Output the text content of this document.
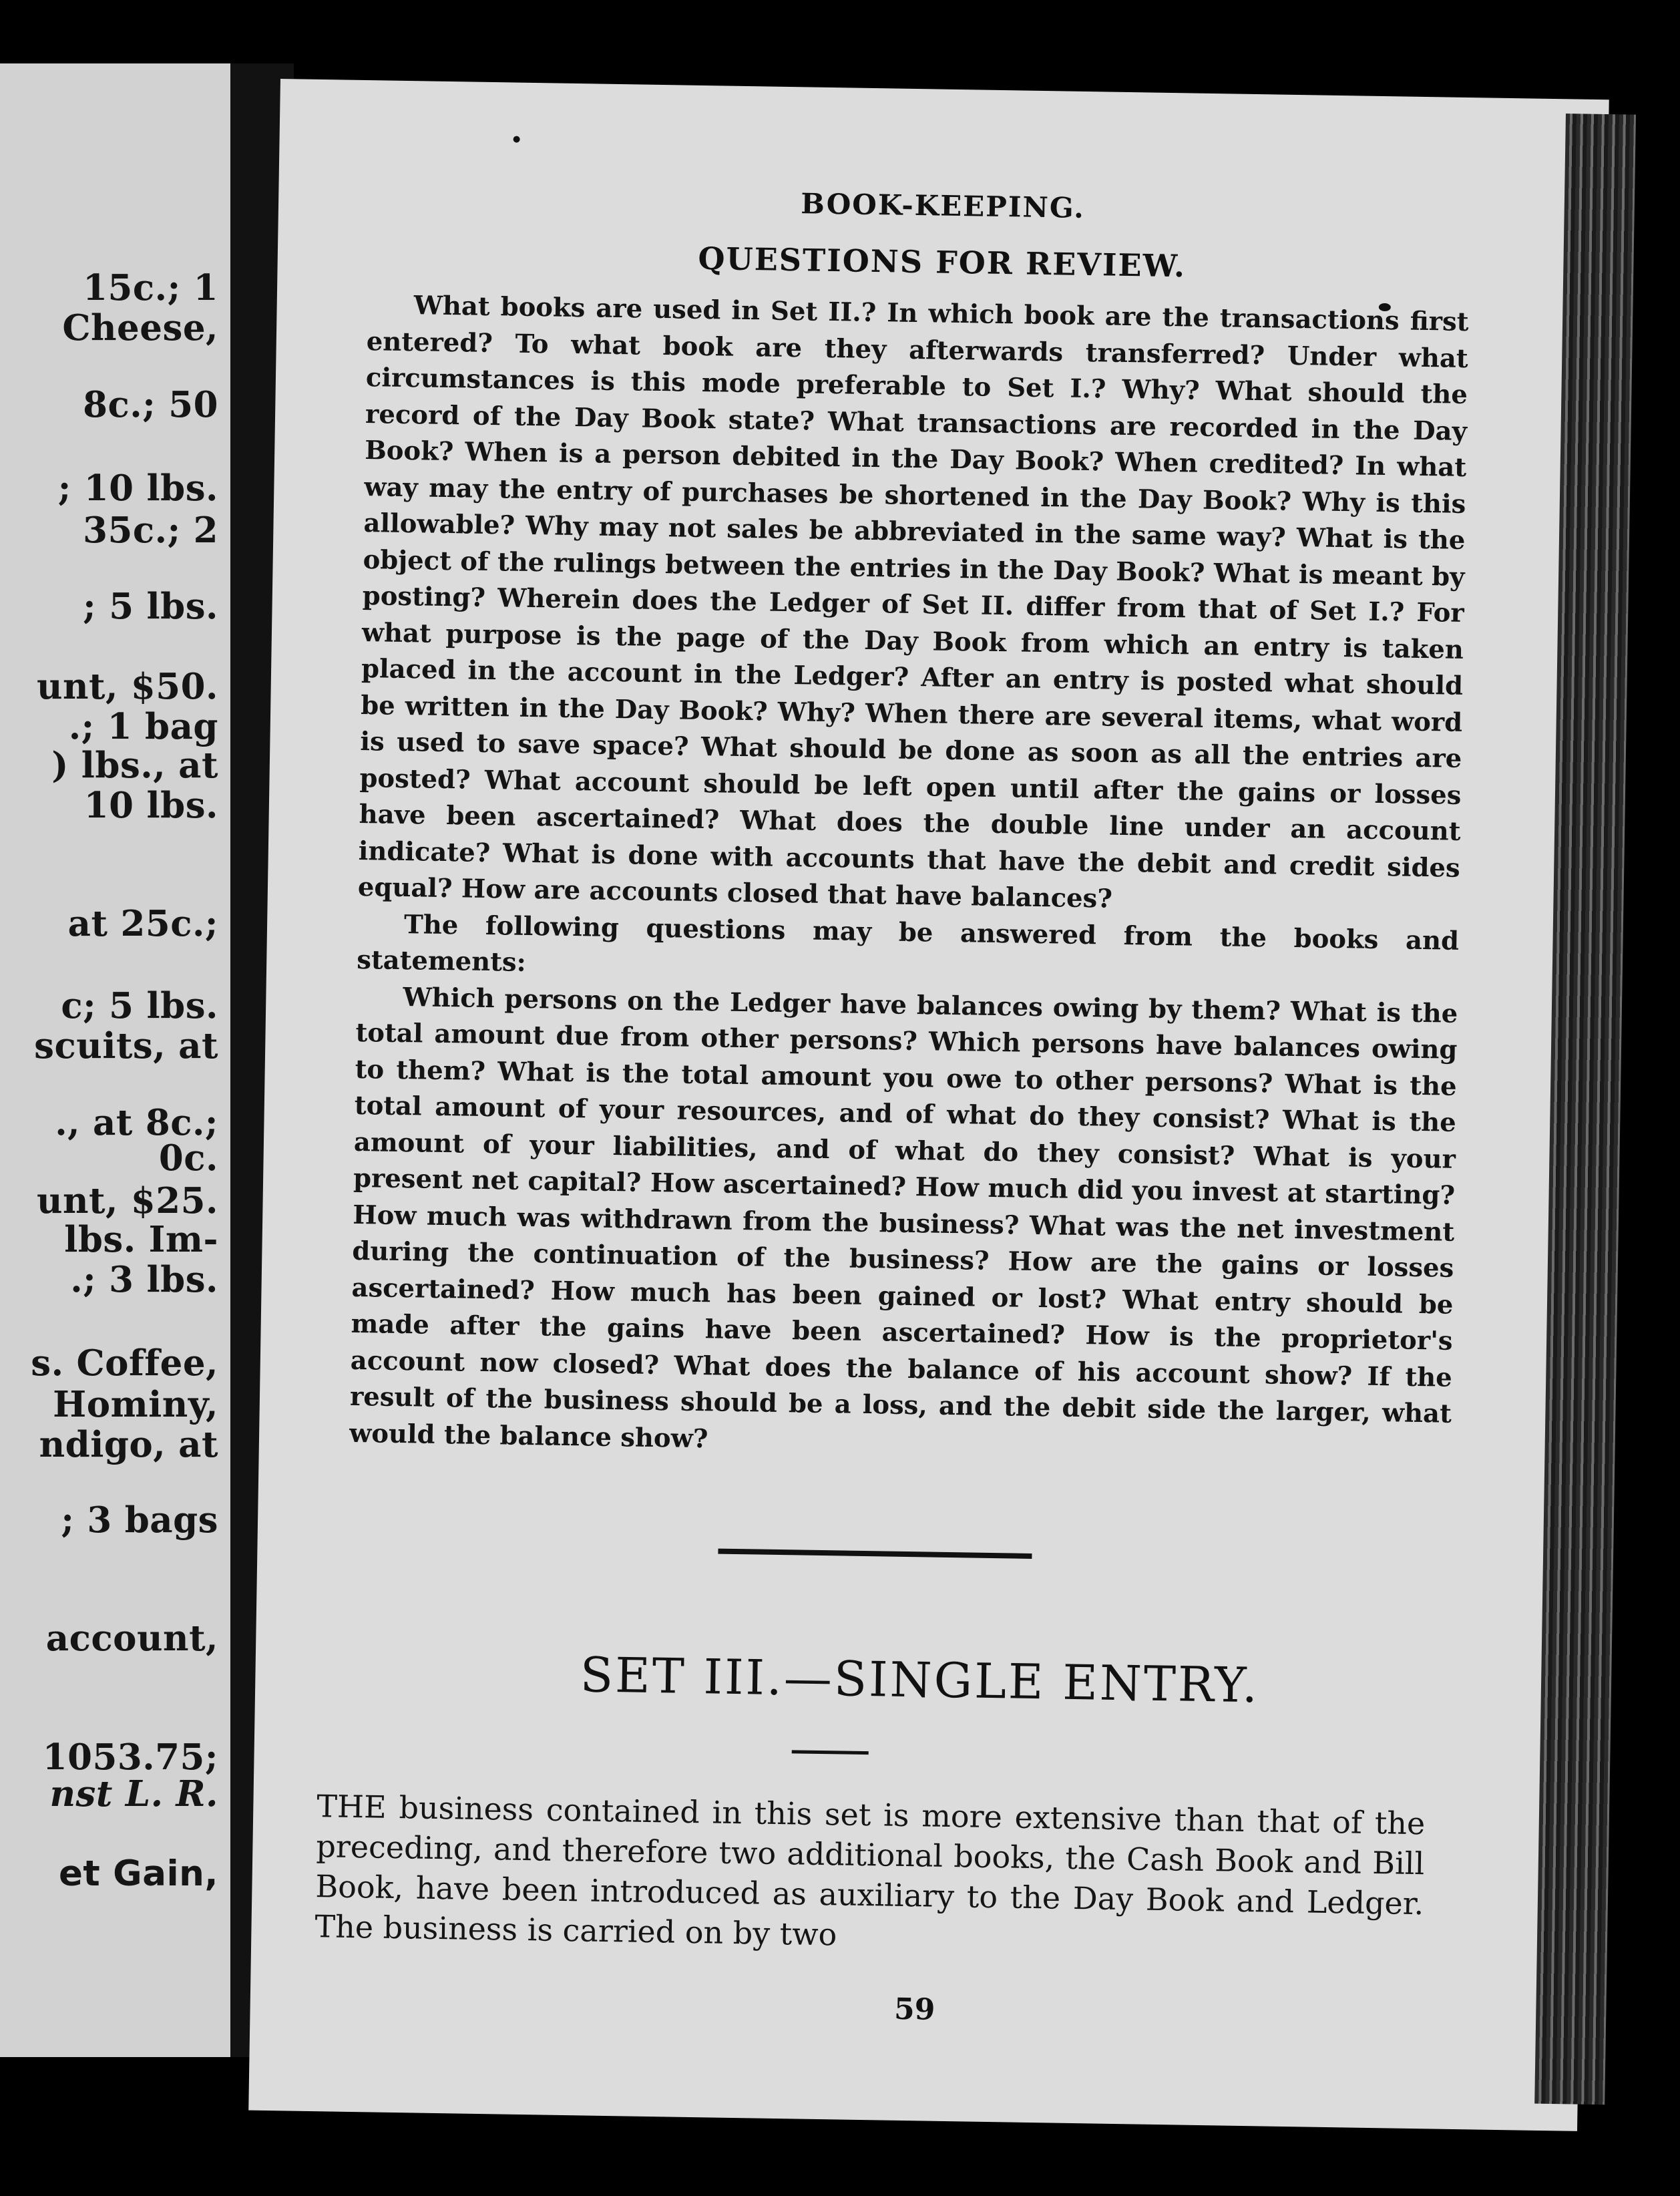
15c.; 1
Cheese,
8c.; 50
; 10 lbs.
35c.; 2
; 5 lbs.
unt, $50.
.; 1 bag
) lbs., at
10 lbs.
at 25c.;
c; 5 lbs.
scuits, at
., at 8c.;
0c.
unt, $25.
lbs. Im-
.; 3 lbs.
s. Coffee,
Hominy,
ndigo, at
; 3 bags
account,
1053.75;
nst L. R.
et Gain,
BOOK-KEEPING.
QUESTIONS FOR REVIEW.

What books are used in Set II.? In which book are the transactions first entered? To what book are they afterwards transferred? Under what circumstances is this mode preferable to Set I.? Why? What should the record of the Day Book state? What transactions are recorded in the Day Book? When is a person debited in the Day Book? When credited? In what way may the entry of purchases be shortened in the Day Book? Why is this allowable? Why may not sales be abbreviated in the same way? What is the object of the rulings between the entries in the Day Book? What is meant by posting? Wherein does the Ledger of Set II. differ from that of Set I.? For what purpose is the page of the Day Book from which an entry is taken placed in the account in the Ledger? After an entry is posted what should be written in the Day Book? Why? When there are several items, what word is used to save space? What should be done as soon as all the entries are posted? What account should be left open until after the gains or losses have been ascertained? What does the double line under an account indicate? What is done with accounts that have the debit and credit sides equal? How are accounts closed that have balances?

The following questions may be answered from the books and statements:

Which persons on the Ledger have balances owing by them? What is the total amount due from other persons? Which persons have balances owing to them? What is the total amount you owe to other persons? What is the total amount of your resources, and of what do they consist? What is the amount of your liabilities, and of what do they consist? What is your present net capital? How ascertained? How much did you invest at starting? How much was withdrawn from the business? What was the net investment during the continuation of the business? How are the gains or losses ascertained? How much has been gained or lost? What entry should be made after the gains have been ascertained? How is the proprietor's account now closed? What does the balance of his account show? If the result of the business should be a loss, and the debit side the larger, what would the balance show?

SET III.—SINGLE ENTRY.
THE business contained in this set is more extensive than that of the preceding, and therefore two additional books, the Cash Book and Bill Book, have been introduced as auxiliary to the Day Book and Ledger. The business is carried on by two
59
